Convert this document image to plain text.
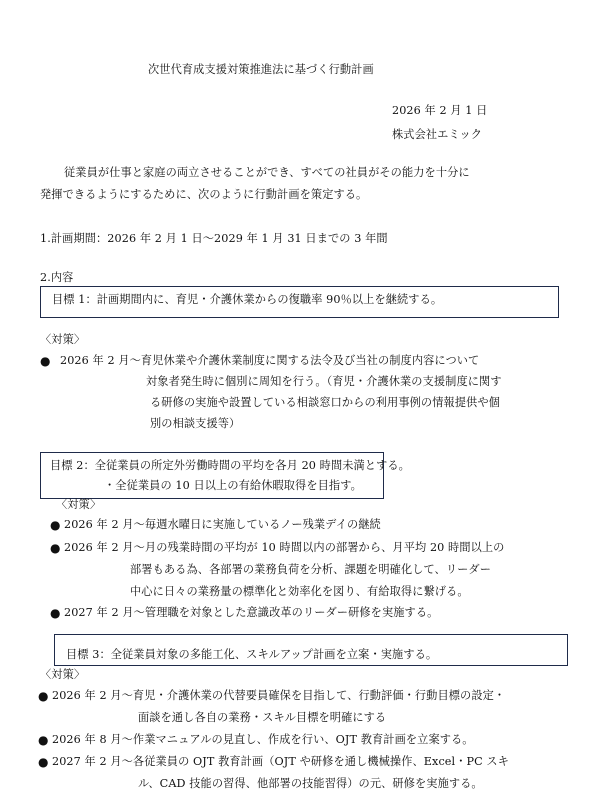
次世代育成支援対策推進法に基づく行動計画
2026 年 2 月 1 日
株式会社エミック
従業員が仕事と家庭の両立させることができ、すべての社員がその能力を十分に
発揮できるようにするために、次のように行動計画を策定する。
1.計画期間：2026 年 2 月 1 日～2029 年 1 月 31 日までの 3 年間
2.内容
目標 1：計画期間内に、育児・介護休業からの復職率 90％以上を継続する。
〈対策〉
● 2026 年 2 月～育児休業や介護休業制度に関する法令及び当社の制度内容について
対象者発生時に個別に周知を行う。（育児・介護休業の支援制度に関す
る研修の実施や設置している相談窓口からの利用事例の情報提供や個
別の相談支援等）
目標 2：全従業員の所定外労働時間の平均を各月 20 時間未満とする。
・全従業員の 10 日以上の有給休暇取得を目指す。
〈対策〉
● 2026 年 2 月～毎週水曜日に実施しているノー残業デイの継続
● 2026 年 2 月～月の残業時間の平均が 10 時間以内の部署から、月平均 20 時間以上の
部署もある為、各部署の業務負荷を分析、課題を明確化して、リーダー
中心に日々の業務量の標準化と効率化を図り、有給取得に繋げる。
● 2027 年 2 月～管理職を対象とした意識改革のリーダー研修を実施する。
目標 3：全従業員対象の多能工化、スキルアップ計画を立案・実施する。
〈対策〉
● 2026 年 2 月～育児・介護休業の代替要員確保を目指して、行動評価・行動目標の設定・
面談を通し各自の業務・スキル目標を明確にする
● 2026 年 8 月～作業マニュアルの見直し、作成を行い、OJT 教育計画を立案する。
● 2027 年 2 月～各従業員の OJT 教育計画（OJT や研修を通し機械操作、Excel・PC スキ
ル、CAD 技能の習得、他部署の技能習得）の元、研修を実施する。
